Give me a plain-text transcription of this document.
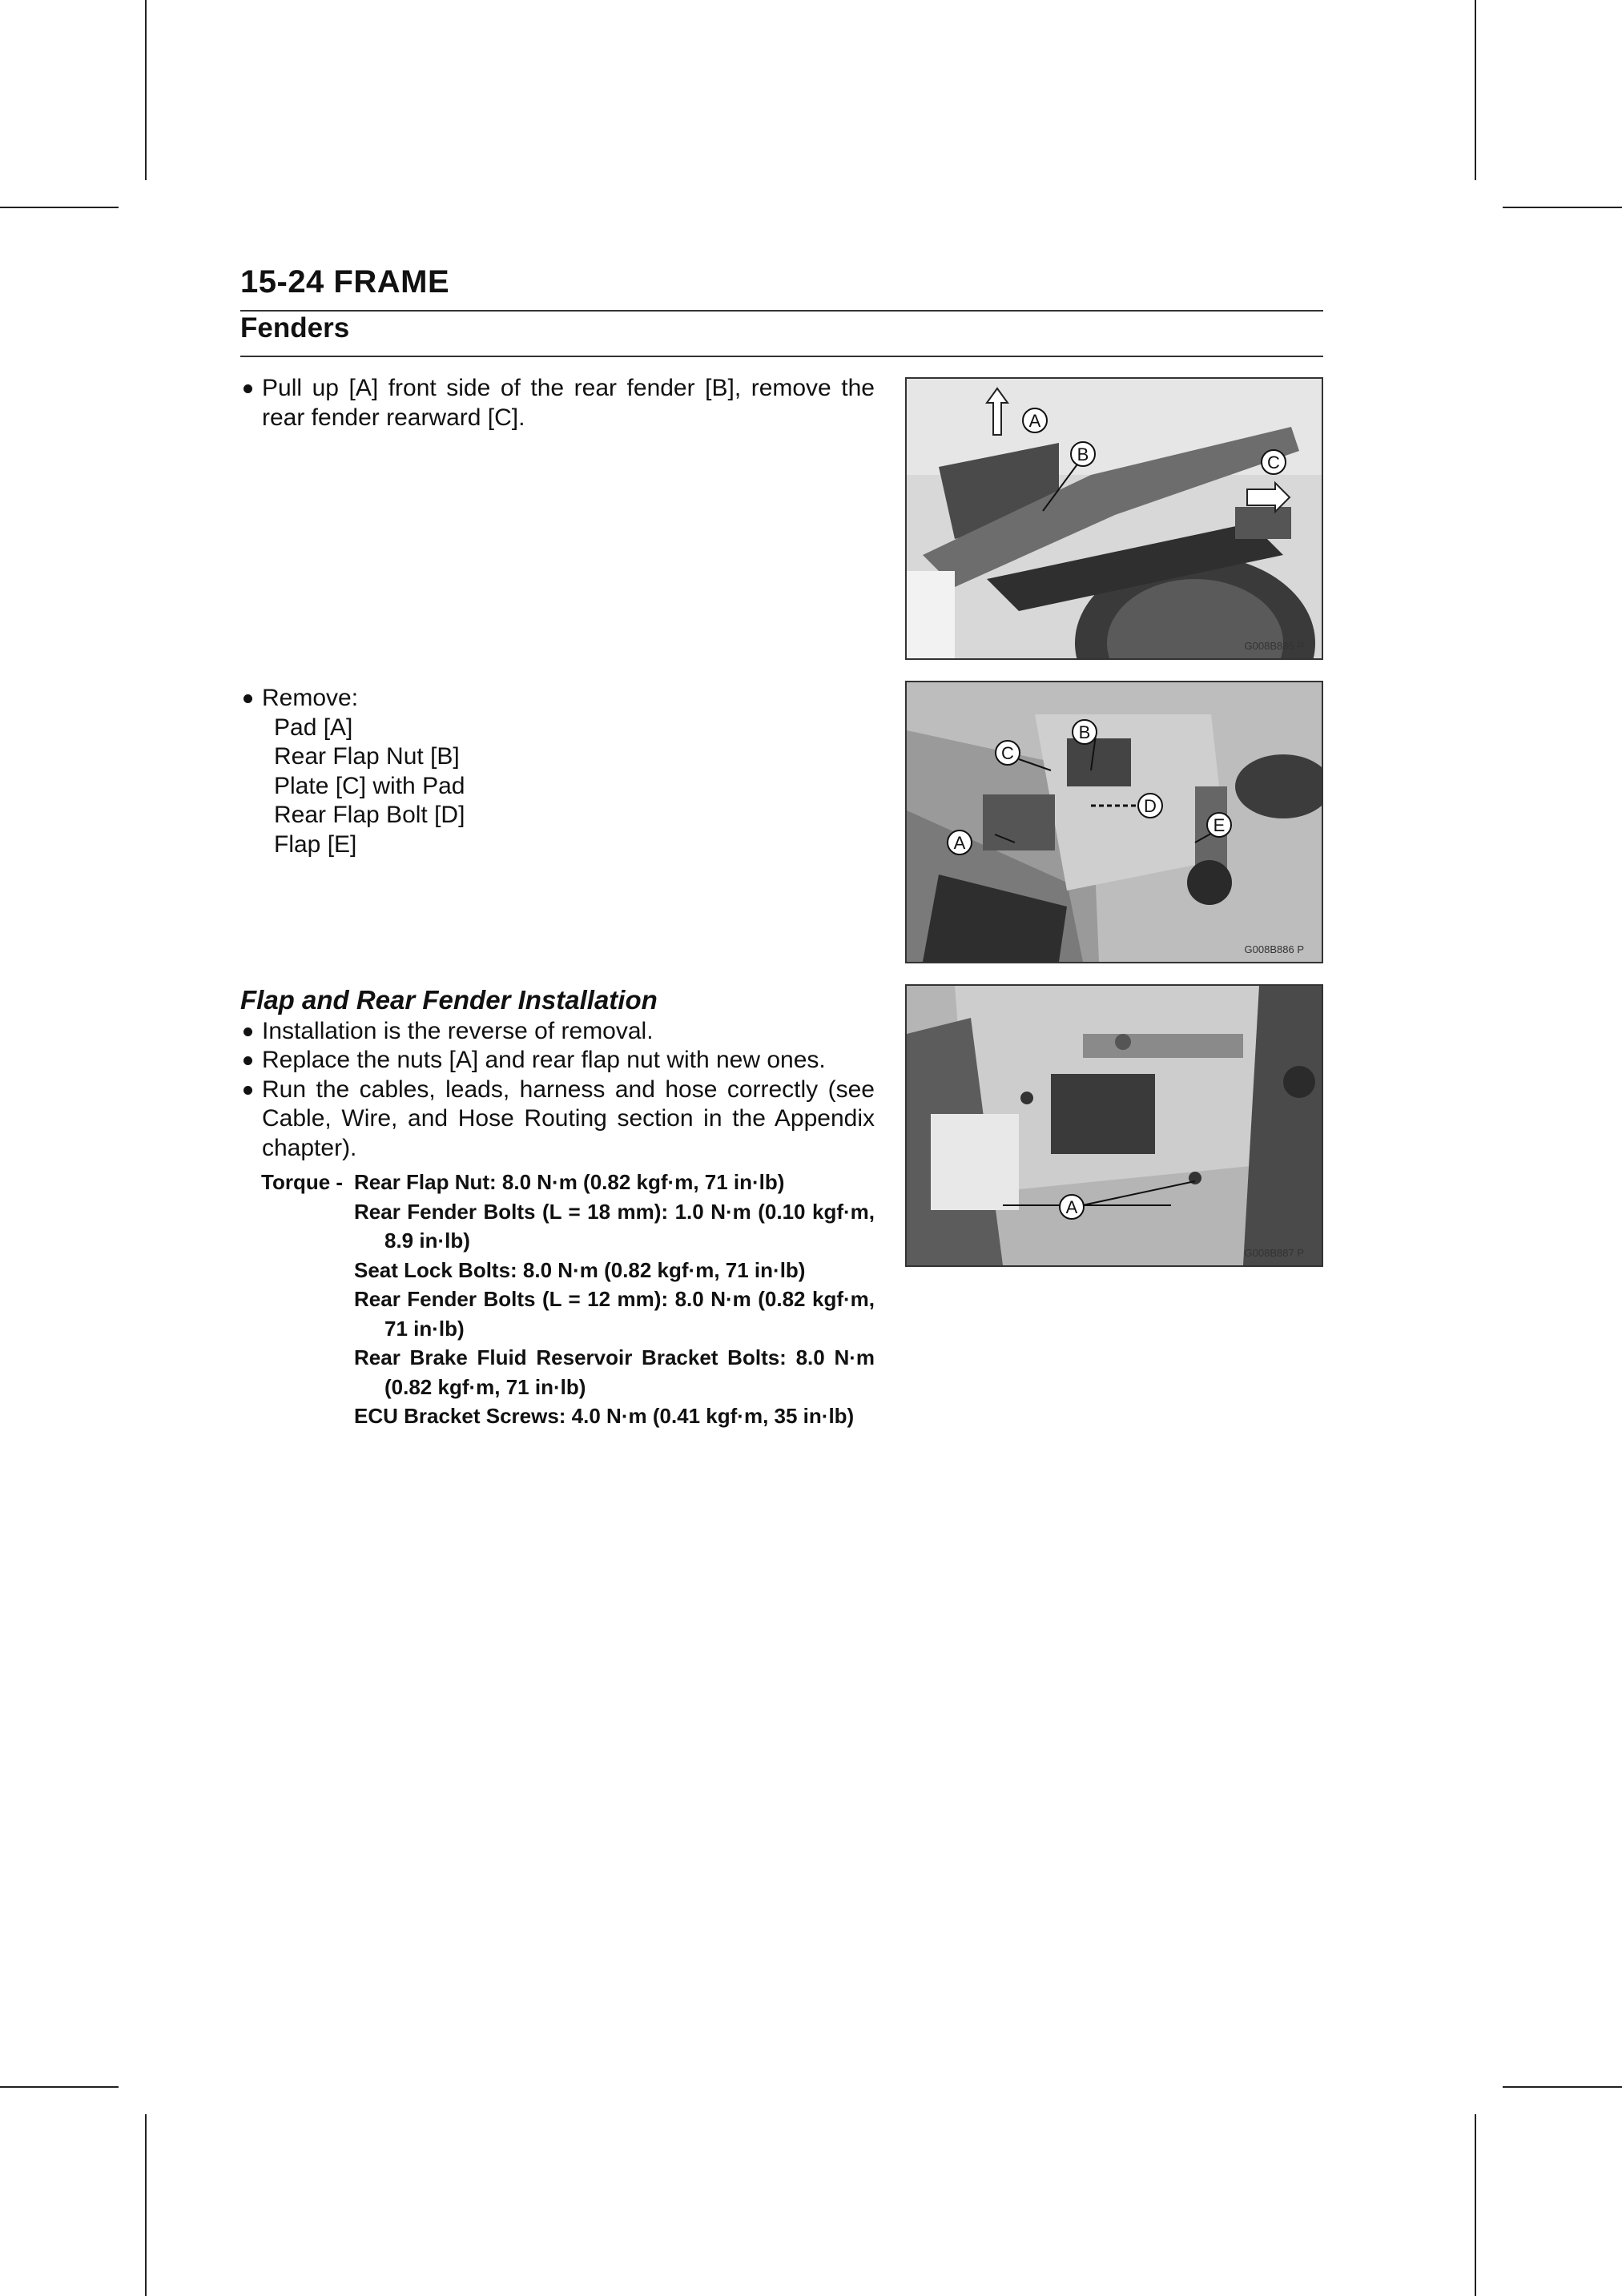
15-24 FRAME
Fenders
Pull up [A] front side of the rear fender [B], remove the rear fender rearward [C].
Remove:
Pad [A]
Rear Flap Nut [B]
Plate [C] with Pad
Rear Flap Bolt [D]
Flap [E]
Flap and Rear Fender Installation
Installation is the reverse of removal.
Replace the nuts [A] and rear flap nut with new ones.
Run the cables, leads, harness and hose correctly (see Cable, Wire, and Hose Routing section in the Appendix chapter).
Torque - Rear Flap Nut: 8.0 N·m (0.82 kgf·m, 71 in·lb)
Rear Fender Bolts (L = 18 mm): 1.0 N·m (0.10 kgf·m, 8.9 in·lb)
Seat Lock Bolts: 8.0 N·m (0.82 kgf·m, 71 in·lb)
Rear Fender Bolts (L = 12 mm): 8.0 N·m (0.82 kgf·m, 71 in·lb)
Rear Brake Fluid Reservoir Bracket Bolts: 8.0 N·m (0.82 kgf·m, 71 in·lb)
ECU Bracket Screws: 4.0 N·m (0.41 kgf·m, 35 in·lb)
A
B	C
G008B885 P
A
B
C
D
E
G008B886 P
A
G008B887 P
